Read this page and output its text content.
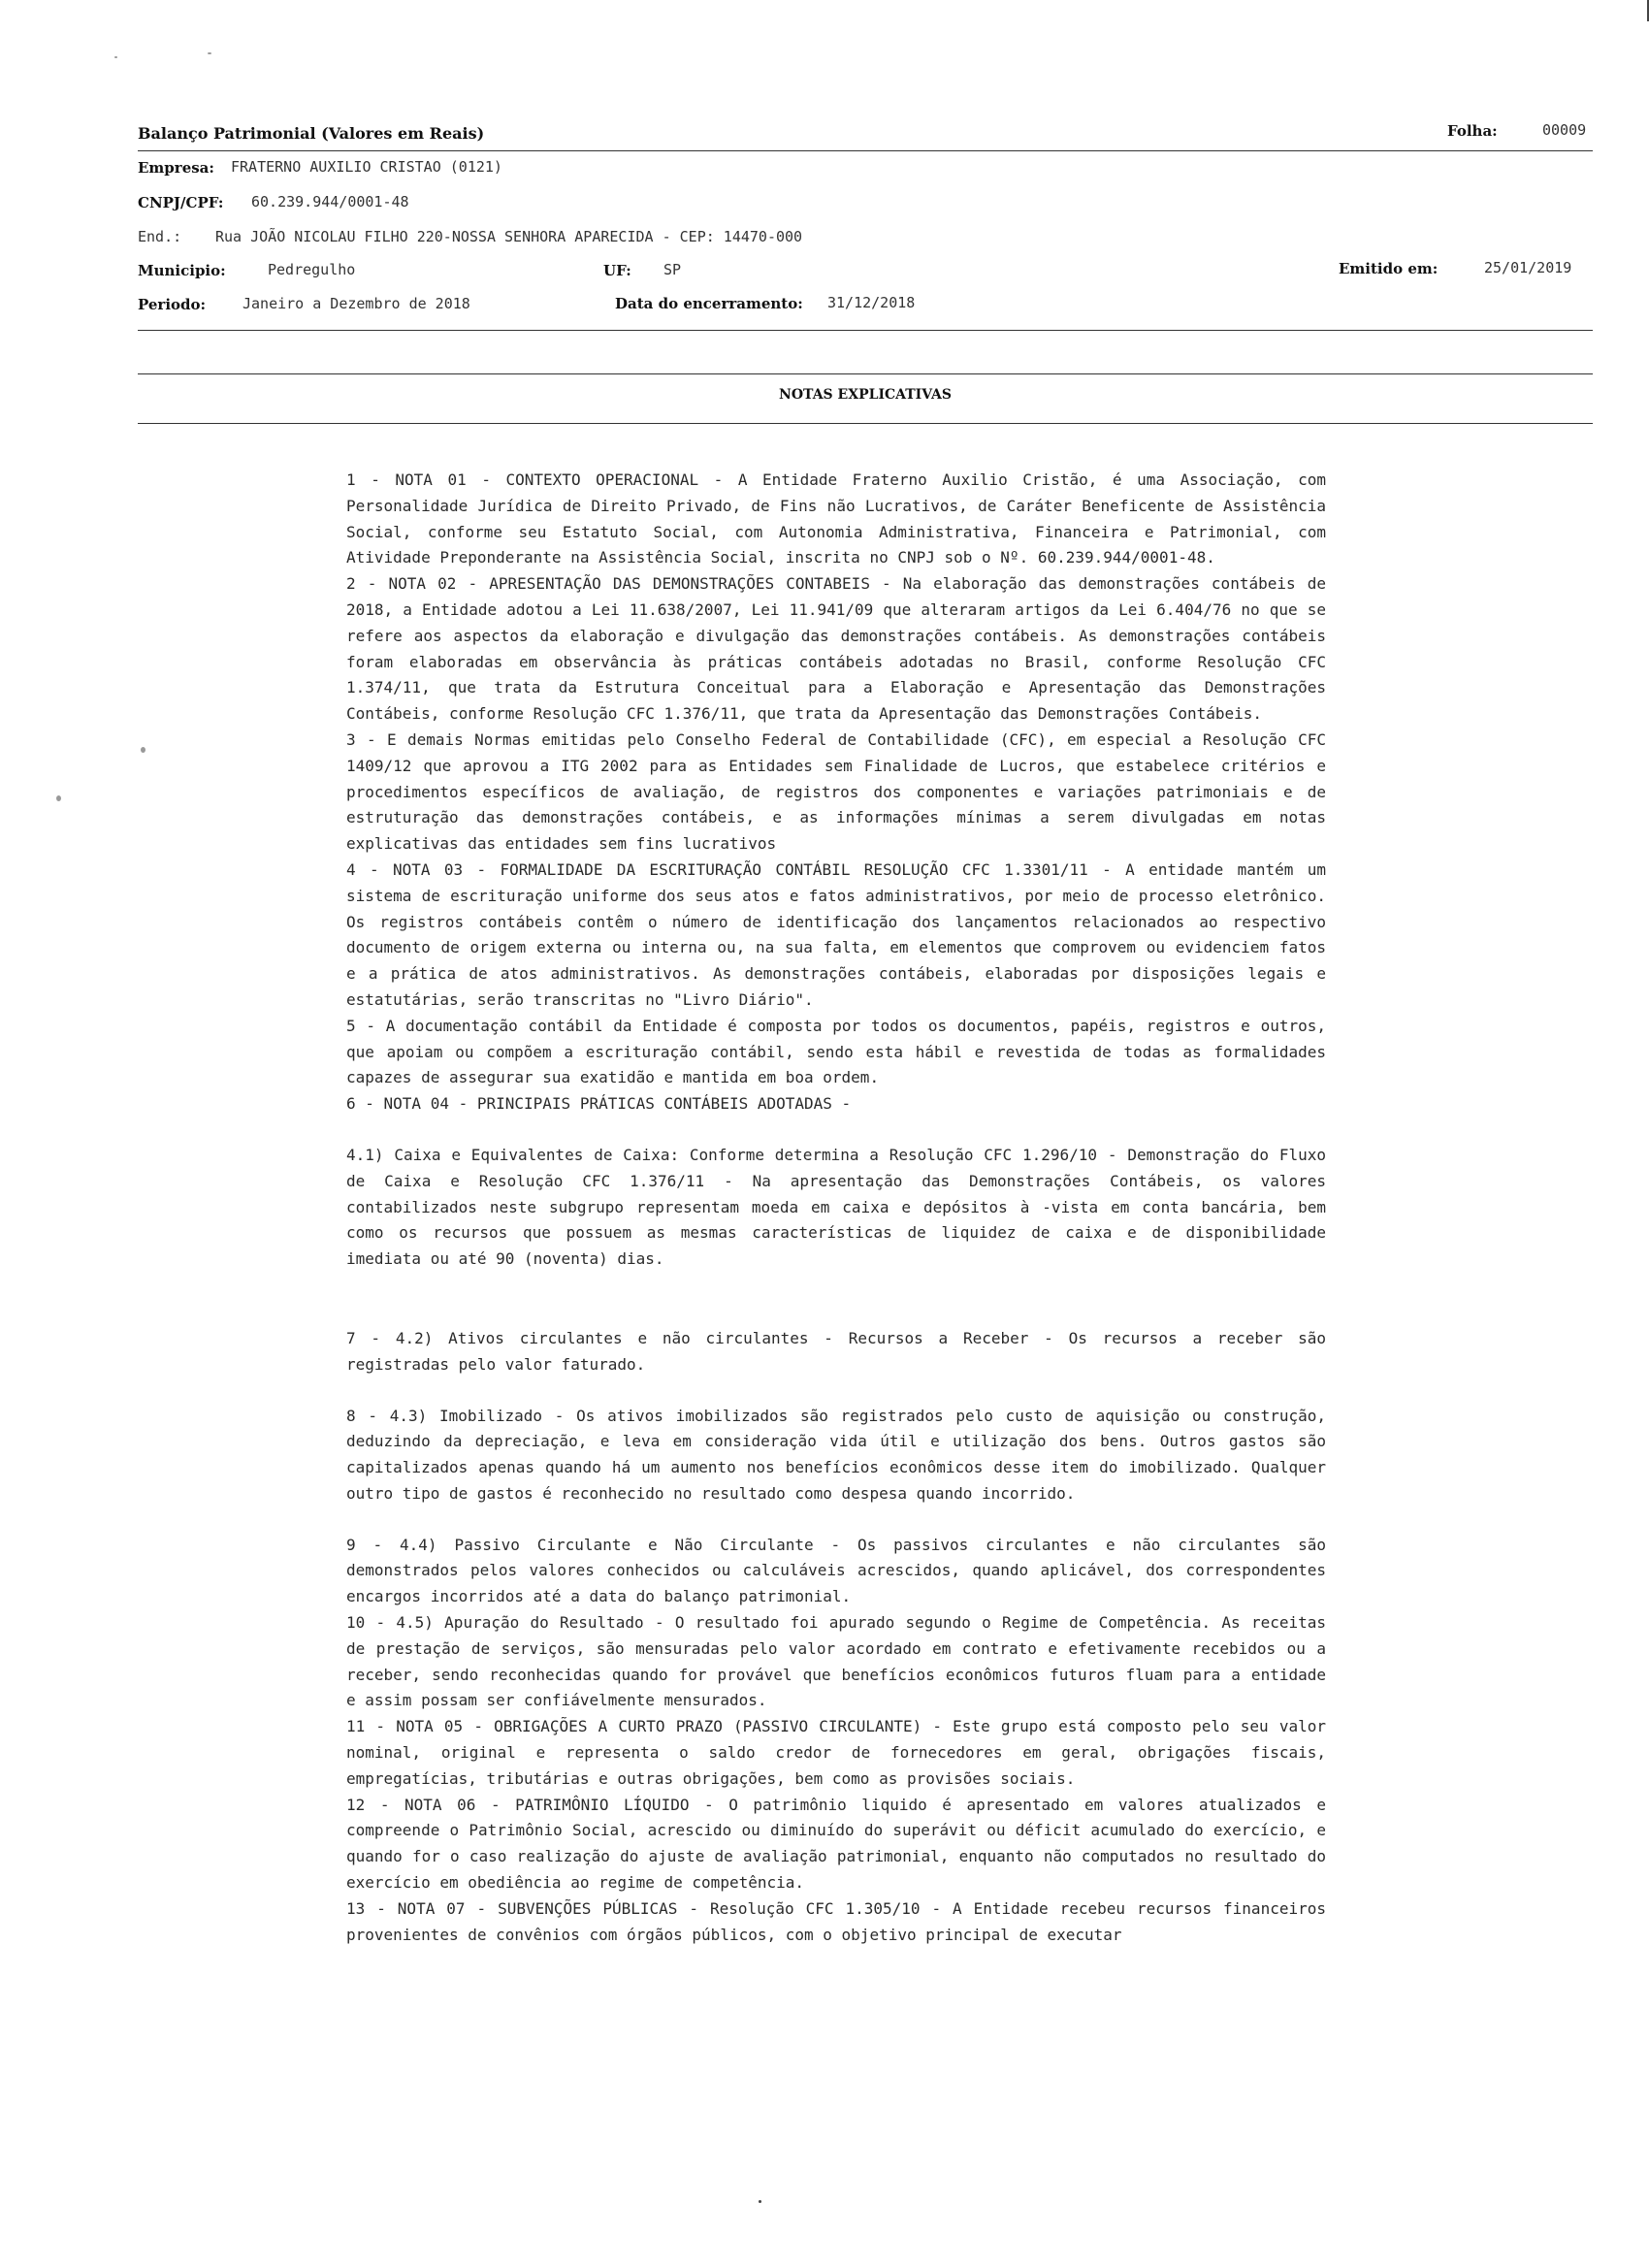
Balanço Patrimonial (Valores em Reais)	Folha:	00009
Empresa: FRATERNO AUXILIO CRISTAO (0121)
CNPJ/CPF: 60.239.944/0001-48
End.: Rua JOÃO NICOLAU FILHO 220-NOSSA SENHORA APARECIDA - CEP: 14470-000
Municipio:	Pedregulho	UF: SP	Emitido em:	25/01/2019
Periodo:	Janeiro a Dezembro de 2018	Data do encerramento: 31/12/2018
NOTAS EXPLICATIVAS

1 - NOTA 01 - CONTEXTO OPERACIONAL - A Entidade Fraterno Auxilio Cristão, é uma Associação, com Personalidade Jurídica de Direito Privado, de Fins não Lucrativos, de Caráter Beneficente de Assistência Social, conforme seu Estatuto Social, com Autonomia Administrativa, Financeira e Patrimonial, com Atividade Preponderante na Assistência Social, inscrita no CNPJ sob o Nº. 60.239.944/0001-48.

2 - NOTA 02 - APRESENTAÇÃO DAS DEMONSTRAÇÕES CONTABEIS - Na elaboração das demonstrações contábeis de 2018, a Entidade adotou a Lei 11.638/2007, Lei 11.941/09 que alteraram artigos da Lei 6.404/76 no que se refere aos aspectos da elaboração e divulgação das demonstrações contábeis. As demonstrações contábeis foram elaboradas em observância às práticas contábeis adotadas no Brasil, conforme Resolução CFC 1.374/11, que trata da Estrutura Conceitual para a Elaboração e Apresentação das Demonstrações Contábeis, conforme Resolução CFC 1.376/11, que trata da Apresentação das Demonstrações Contábeis.

3 - E demais Normas emitidas pelo Conselho Federal de Contabilidade (CFC), em especial a Resolução CFC 1409/12 que aprovou a ITG 2002 para as Entidades sem Finalidade de Lucros, que estabelece critérios e procedimentos específicos de avaliação, de registros dos componentes e variações patrimoniais e de estruturação das demonstrações contábeis, e as informações mínimas a serem divulgadas em notas explicativas das entidades sem fins lucrativos

4 - NOTA 03 - FORMALIDADE DA ESCRITURAÇÃO CONTÁBIL RESOLUÇÃO CFC 1.3301/11 - A entidade mantém um sistema de escrituração uniforme dos seus atos e fatos administrativos, por meio de processo eletrônico. Os registros contábeis contêm o número de identificação dos lançamentos relacionados ao respectivo documento de origem externa ou interna ou, na sua falta, em elementos que comprovem ou evidenciem fatos e a prática de atos administrativos. As demonstrações contábeis, elaboradas por disposições legais e estatutárias, serão transcritas no "Livro Diário".

5 - A documentação contábil da Entidade é composta por todos os documentos, papéis, registros e outros, que apoiam ou compõem a escrituração contábil, sendo esta hábil e revestida de todas as formalidades capazes de assegurar sua exatidão e mantida em boa ordem.

6 - NOTA 04 - PRINCIPAIS PRÁTICAS CONTÁBEIS ADOTADAS -

4.1) Caixa e Equivalentes de Caixa: Conforme determina a Resolução CFC 1.296/10 - Demonstração do Fluxo de Caixa e Resolução CFC 1.376/11 - Na apresentação das Demonstrações Contábeis, os valores contabilizados neste subgrupo representam moeda em caixa e depósitos à -vista em conta bancária, bem como os recursos que possuem as mesmas características de liquidez de caixa e de disponibilidade imediata ou até 90 (noventa) dias.

7 - 4.2) Ativos circulantes e não circulantes - Recursos a Receber - Os recursos a receber são registradas pelo valor faturado.

8 - 4.3) Imobilizado - Os ativos imobilizados são registrados pelo custo de aquisição ou construção, deduzindo da depreciação, e leva em consideração vida útil e utilização dos bens. Outros gastos são capitalizados apenas quando há um aumento nos benefícios econômicos desse item do imobilizado. Qualquer outro tipo de gastos é reconhecido no resultado como despesa quando incorrido.

9 - 4.4) Passivo Circulante e Não Circulante - Os passivos circulantes e não circulantes são demonstrados pelos valores conhecidos ou calculáveis acrescidos, quando aplicável, dos correspondentes encargos incorridos até a data do balanço patrimonial.

10 - 4.5) Apuração do Resultado - O resultado foi apurado segundo o Regime de Competência. As receitas de prestação de serviços, são mensuradas pelo valor acordado em contrato e efetivamente recebidos ou a receber, sendo reconhecidas quando for provável que benefícios econômicos futuros fluam para a entidade e assim possam ser confiávelmente mensurados.

11 - NOTA 05 - OBRIGAÇÕES A CURTO PRAZO (PASSIVO CIRCULANTE) - Este grupo está composto pelo seu valor nominal, original e representa o saldo credor de fornecedores em geral, obrigações fiscais, empregatícias, tributárias e outras obrigações, bem como as provisões sociais.

12 - NOTA 06 - PATRIMÔNIO LÍQUIDO - O patrimônio liquido é apresentado em valores atualizados e compreende o Patrimônio Social, acrescido ou diminuído do superávit ou déficit acumulado do exercício, e quando for o caso realização do ajuste de avaliação patrimonial, enquanto não computados no resultado do exercício em obediência ao regime de competência.

13 - NOTA 07 - SUBVENÇÕES PÚBLICAS - Resolução CFC 1.305/10 - A Entidade recebeu recursos financeiros provenientes de convênios com órgãos públicos, com o objetivo principal de executar
